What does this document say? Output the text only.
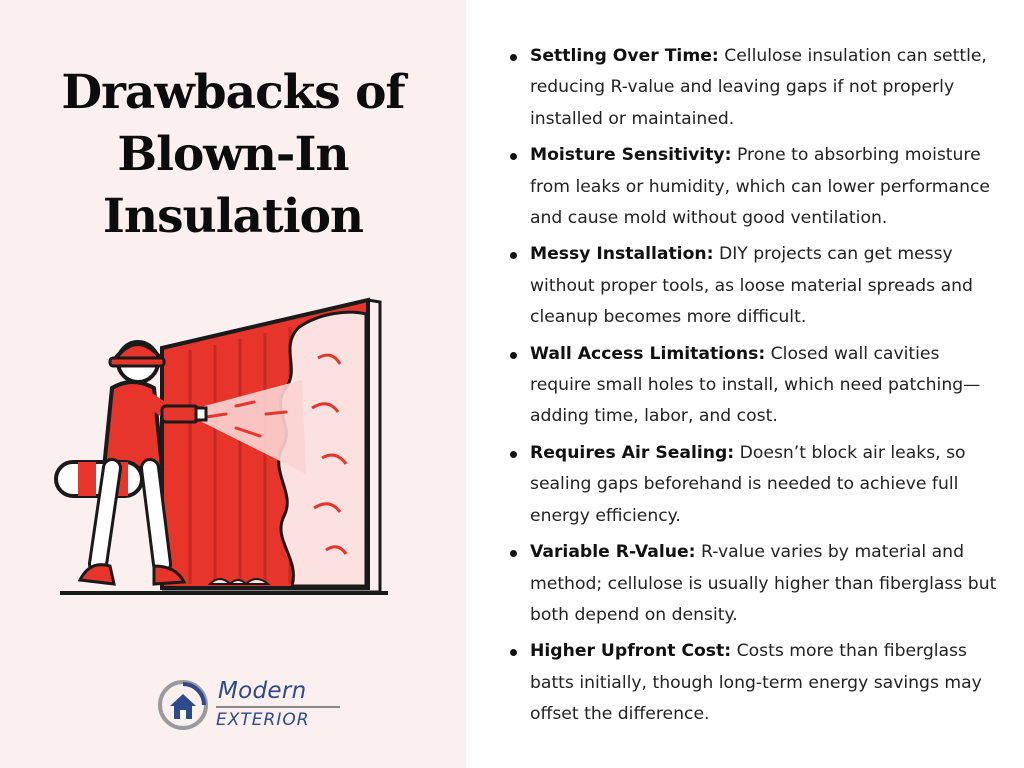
Drawbacks of Blown-In Insulation

Modern

EXTERIOR

Settling Over Time: Cellulose insulation can settle, reducing R-value and leaving gaps if not properly installed or maintained.
Moisture Sensitivity: Prone to absorbing moisture from leaks or humidity, which can lower performance and cause mold without good ventilation.
Messy Installation: DIY projects can get messy without proper tools, as loose material spreads and cleanup becomes more difficult.
Wall Access Limitations: Closed wall cavities require small holes to install, which need patching—adding time, labor, and cost.
Requires Air Sealing: Doesn’t block air leaks, so sealing gaps beforehand is needed to achieve full energy efficiency.
Variable R-Value: R-value varies by material and method; cellulose is usually higher than fiberglass but both depend on density.
Higher Upfront Cost: Costs more than fiberglass batts initially, though long-term energy savings may offset the difference.
